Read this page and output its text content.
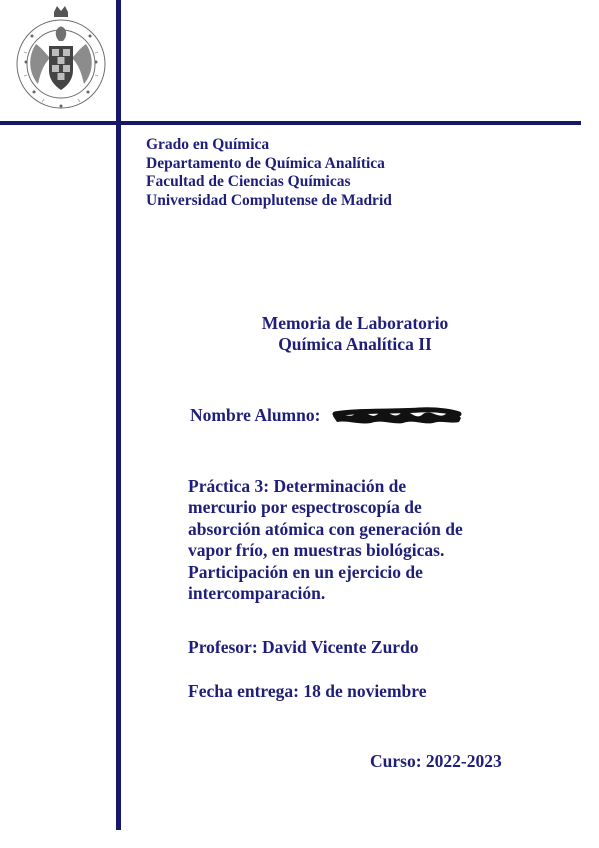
Grado en Química
Departamento de Química Analítica
Facultad de Ciencias Químicas
Universidad Complutense de Madrid
Memoria de Laboratorio
Química Analítica II
Nombre Alumno:
Práctica 3: Determinación de
mercurio por espectroscopía de
absorción atómica con generación de
vapor frío, en muestras biológicas.
Participación en un ejercicio de
intercomparación.
Profesor: David Vicente Zurdo
Fecha entrega: 18 de noviembre
Curso: 2022-2023
